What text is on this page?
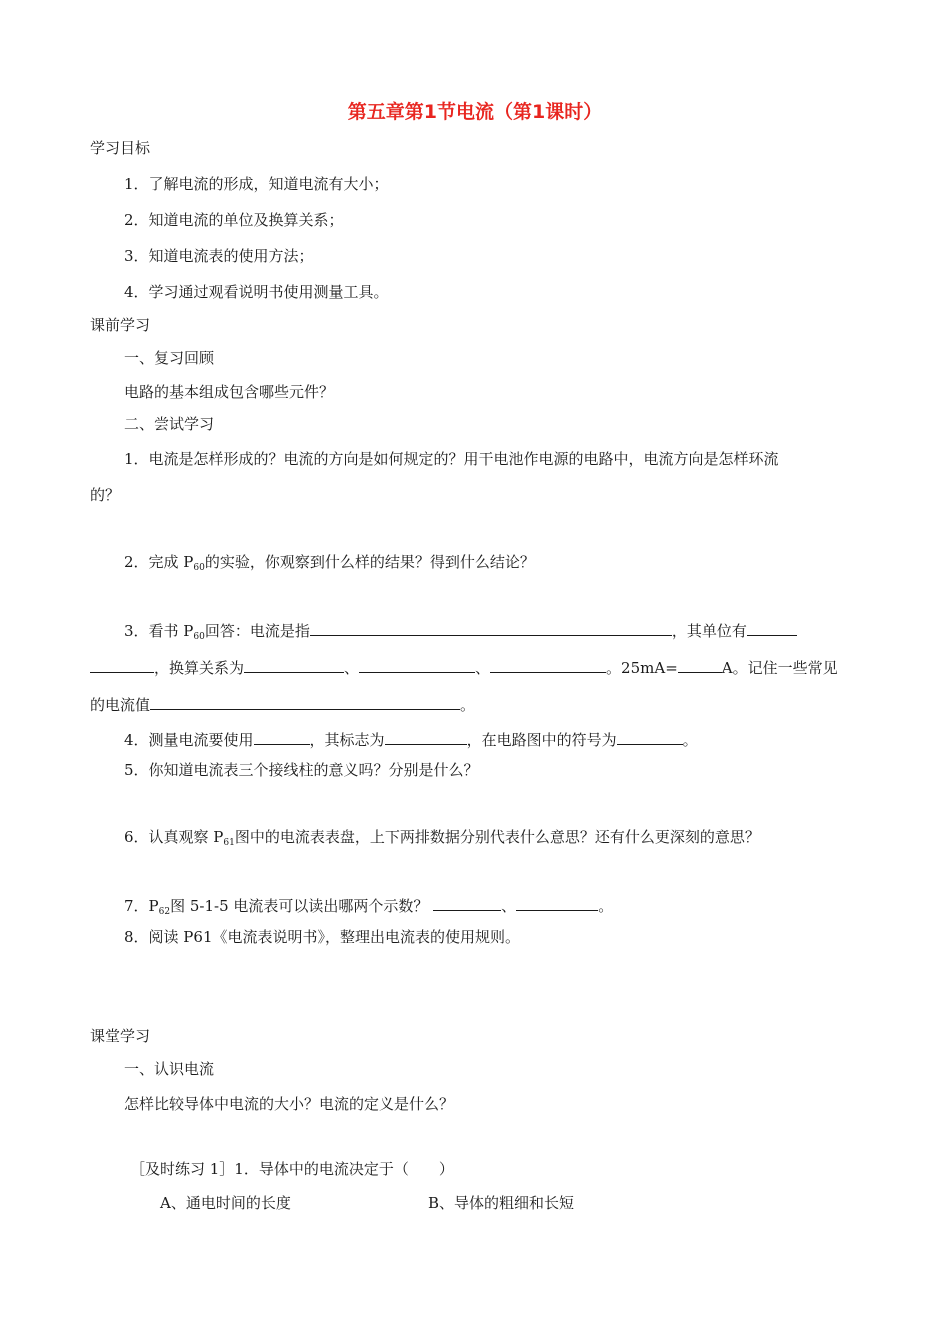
第五章第1节电流（第1课时）
学习目标
1．了解电流的形成，知道电流有大小；
2．知道电流的单位及换算关系；
3．知道电流表的使用方法；
4．学习通过观看说明书使用测量工具。
课前学习
一、复习回顾
电路的基本组成包含哪些元件？
二、尝试学习
1．电流是怎样形成的？电流的方向是如何规定的？用干电池作电源的电路中，电流方向是怎样环流
的？
2．完成 $P_{60}$的实验，你观察到什么样的结果？得到什么结论？
3．看书 $P_{60}$回答：电流是指	，其单位有
，换算关系为	、	、	。25mA=	A。记住一些常见
的电流值	。
4．测量电流要使用	，其标志为	，在电路图中的符号为	。
5．你知道电流表三个接线柱的意义吗？分别是什么？
6．认真观察 $P_{61}$图中的电流表表盘，上下两排数据分别代表什么意思？还有什么更深刻的意思？
7．$P_{62}$图 5-1-5 电流表可以读出哪两个示数？	、	。
8．阅读 P61《电流表说明书》，整理出电流表的使用规则。
课堂学习
一、认识电流
怎样比较导体中电流的大小？电流的定义是什么？
［及时练习 1］1．导体中的电流决定于（　　）
A、通电时间的长度	B、导体的粗细和长短
